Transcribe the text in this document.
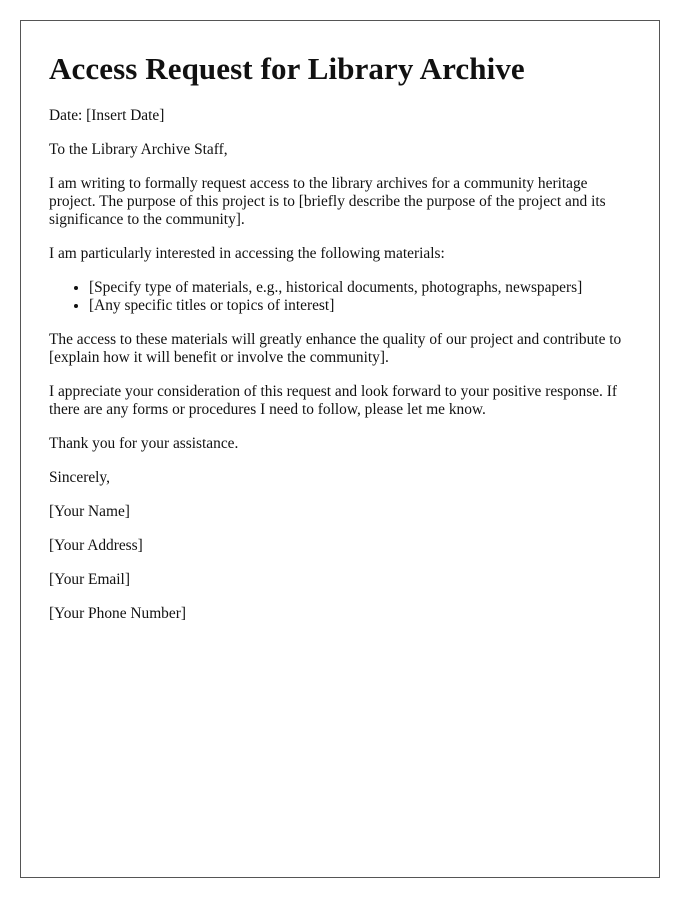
Access Request for Library Archive

Date: [Insert Date]

To the Library Archive Staff,

I am writing to formally request access to the library archives for a community heritage project. The purpose of this project is to [briefly describe the purpose of the project and its significance to the community].

I am particularly interested in accessing the following materials:

• [Specify type of materials, e.g., historical documents, photographs, newspapers]
• [Any specific titles or topics of interest]

The access to these materials will greatly enhance the quality of our project and contribute to [explain how it will benefit or involve the community].

I appreciate your consideration of this request and look forward to your positive response. If there are any forms or procedures I need to follow, please let me know.

Thank you for your assistance.

Sincerely,

[Your Name]

[Your Address]

[Your Email]

[Your Phone Number]
